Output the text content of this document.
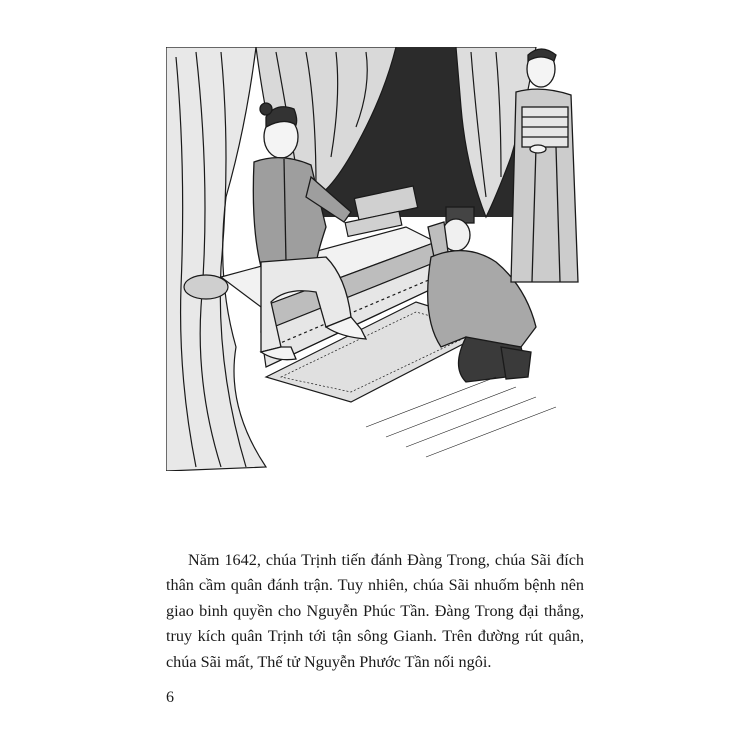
Năm 1642, chúa Trịnh tiến đánh Đàng Trong, chúa Sãi đích
thân cầm quân đánh trận. Tuy nhiên, chúa Sãi nhuốm bệnh nên
giao binh quyền cho Nguyễn Phúc Tần. Đàng Trong đại thắng,
truy kích quân Trịnh tới tận sông Gianh. Trên đường rút quân,
chúa Sãi mất, Thế tử Nguyễn Phước Tần nối ngôi.

6
